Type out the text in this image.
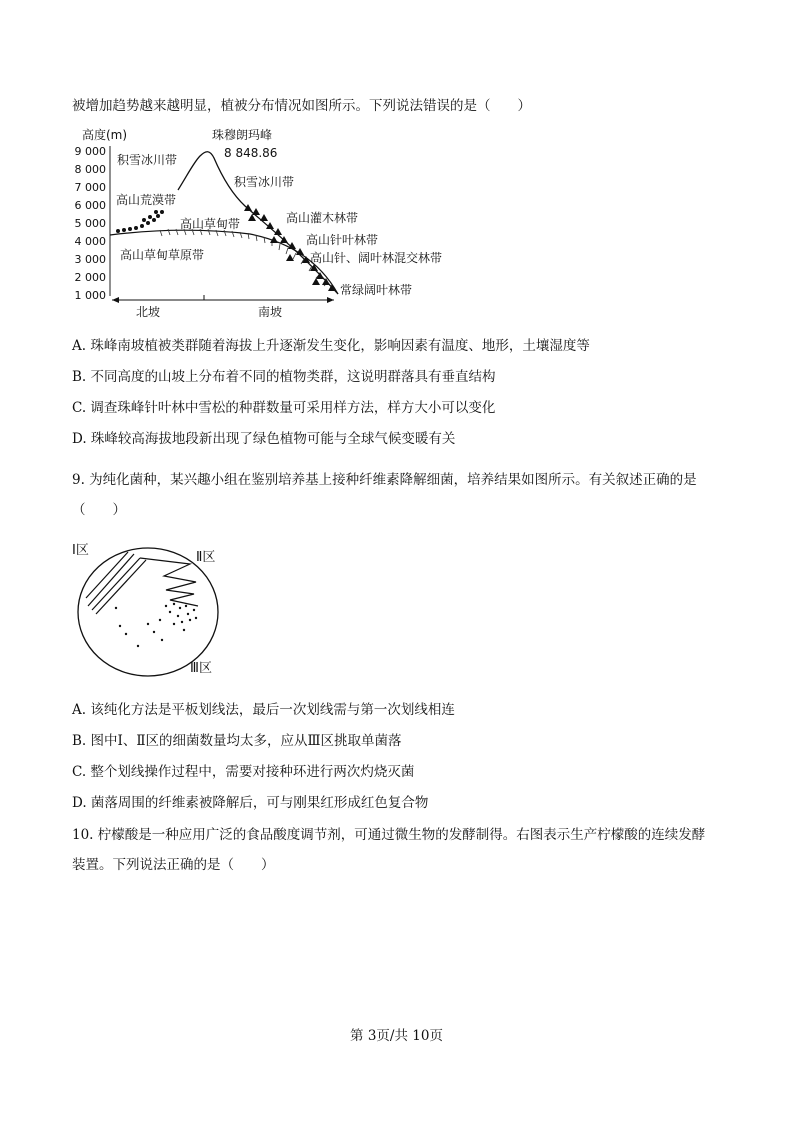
被增加趋势越来越明显，植被分布情况如图所示。下列说法错误的是（　　）
高度(m)
9 000
8 000
7 000
6 000
5 000
4 000
3 000
2 000
1 000
珠穆朗玛峰
8 848.86
积雪冰川带
高山荒漠带
高山草甸带
高山草甸草原带
积雪冰川带
高山灌木林带
高山针叶林带
高山针、阔叶林混交林带
常绿阔叶林带
北坡	南坡
A. 珠峰南坡植被类群随着海拔上升逐渐发生变化，影响因素有温度、地形，土壤湿度等
B. 不同高度的山坡上分布着不同的植物类群，这说明群落具有垂直结构
C. 调查珠峰针叶林中雪松的种群数量可采用样方法，样方大小可以变化
D. 珠峰较高海拔地段新出现了绿色植物可能与全球气候变暖有关
9. 为纯化菌种，某兴趣小组在鉴别培养基上接种纤维素降解细菌，培养结果如图所示。有关叙述正确的是
（　　）
Ⅰ区	Ⅱ区
Ⅲ区
A. 该纯化方法是平板划线法，最后一次划线需与第一次划线相连
B. 图中Ⅰ、Ⅱ区的细菌数量均太多，应从Ⅲ区挑取单菌落
C. 整个划线操作过程中，需要对接种环进行两次灼烧灭菌
D. 菌落周围的纤维素被降解后，可与刚果红形成红色复合物
10. 柠檬酸是一种应用广泛的食品酸度调节剂，可通过微生物的发酵制得。右图表示生产柠檬酸的连续发酵
装置。下列说法正确的是（　　）
第 3页/共 10页
